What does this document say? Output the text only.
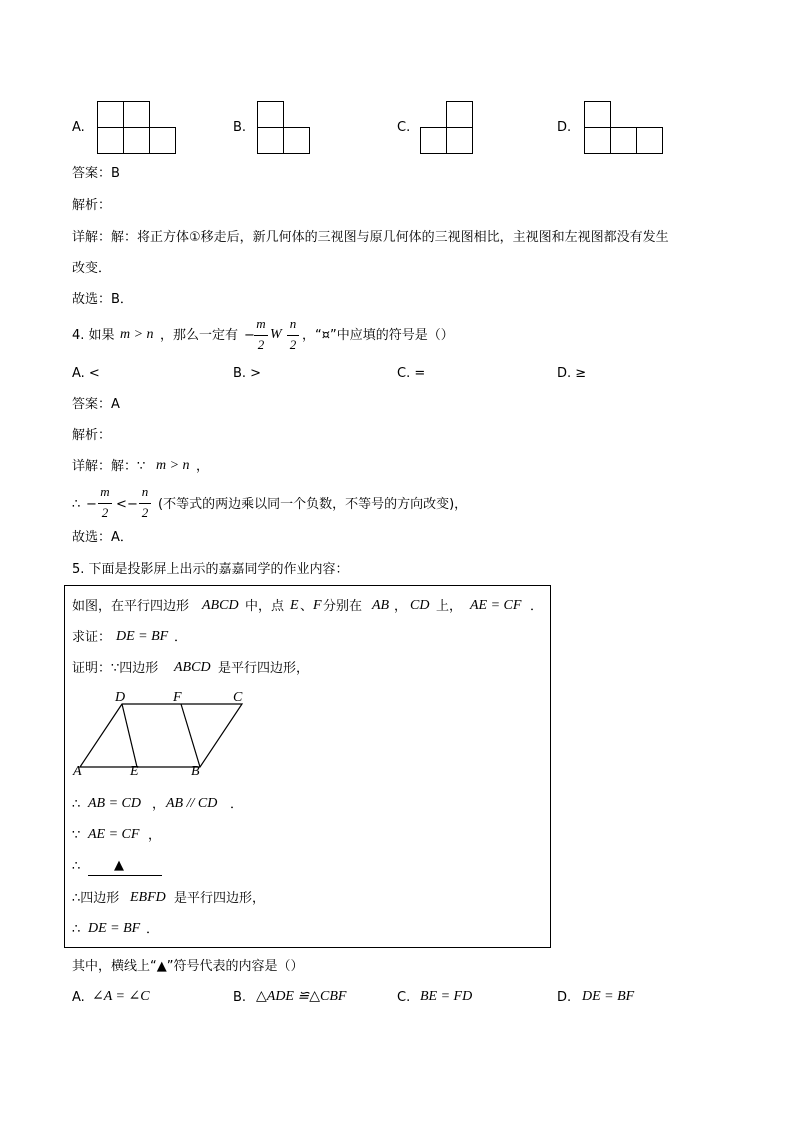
A.	B.	C.	D.
答案：B
解析：
详解：解：将正方体①移走后，新几何体的三视图与原几何体的三视图相比，主视图和左视图都没有发生
改变．
故选：B．
4. 如果 m > n ，那么一定有 −
m
2
W
n
2
，“¤”中应填的符号是（）
A. <	B. >	C. =	D. ≥
答案：A
解析：
详解：解：∵ m > n ，
∴ −
m
2
< −
n
2
(不等式的两边乘以同一个负数，不等号的方向改变)，
故选：A．
5. 下面是投影屏上出示的嘉嘉同学的作业内容：
如图，在平行四边形 ABCD 中，点 E 、 F 分别在 AB ， CD 上， AE = CF ．
求证： DE = BF ．
证明：∵四边形 ABCD 是平行四边形，
D	F	C
A	E	B
∴ AB = CD ， AB // CD ．
∵ AE = CF ，
∴	▲
∴四边形 EBFD 是平行四边形，
∴ DE = BF ．
其中，横线上“▲”符号代表的内容是（）
A. ∠A = ∠C	B. △ADE ≌△CBF	C. BE = FD	D. DE = BF
